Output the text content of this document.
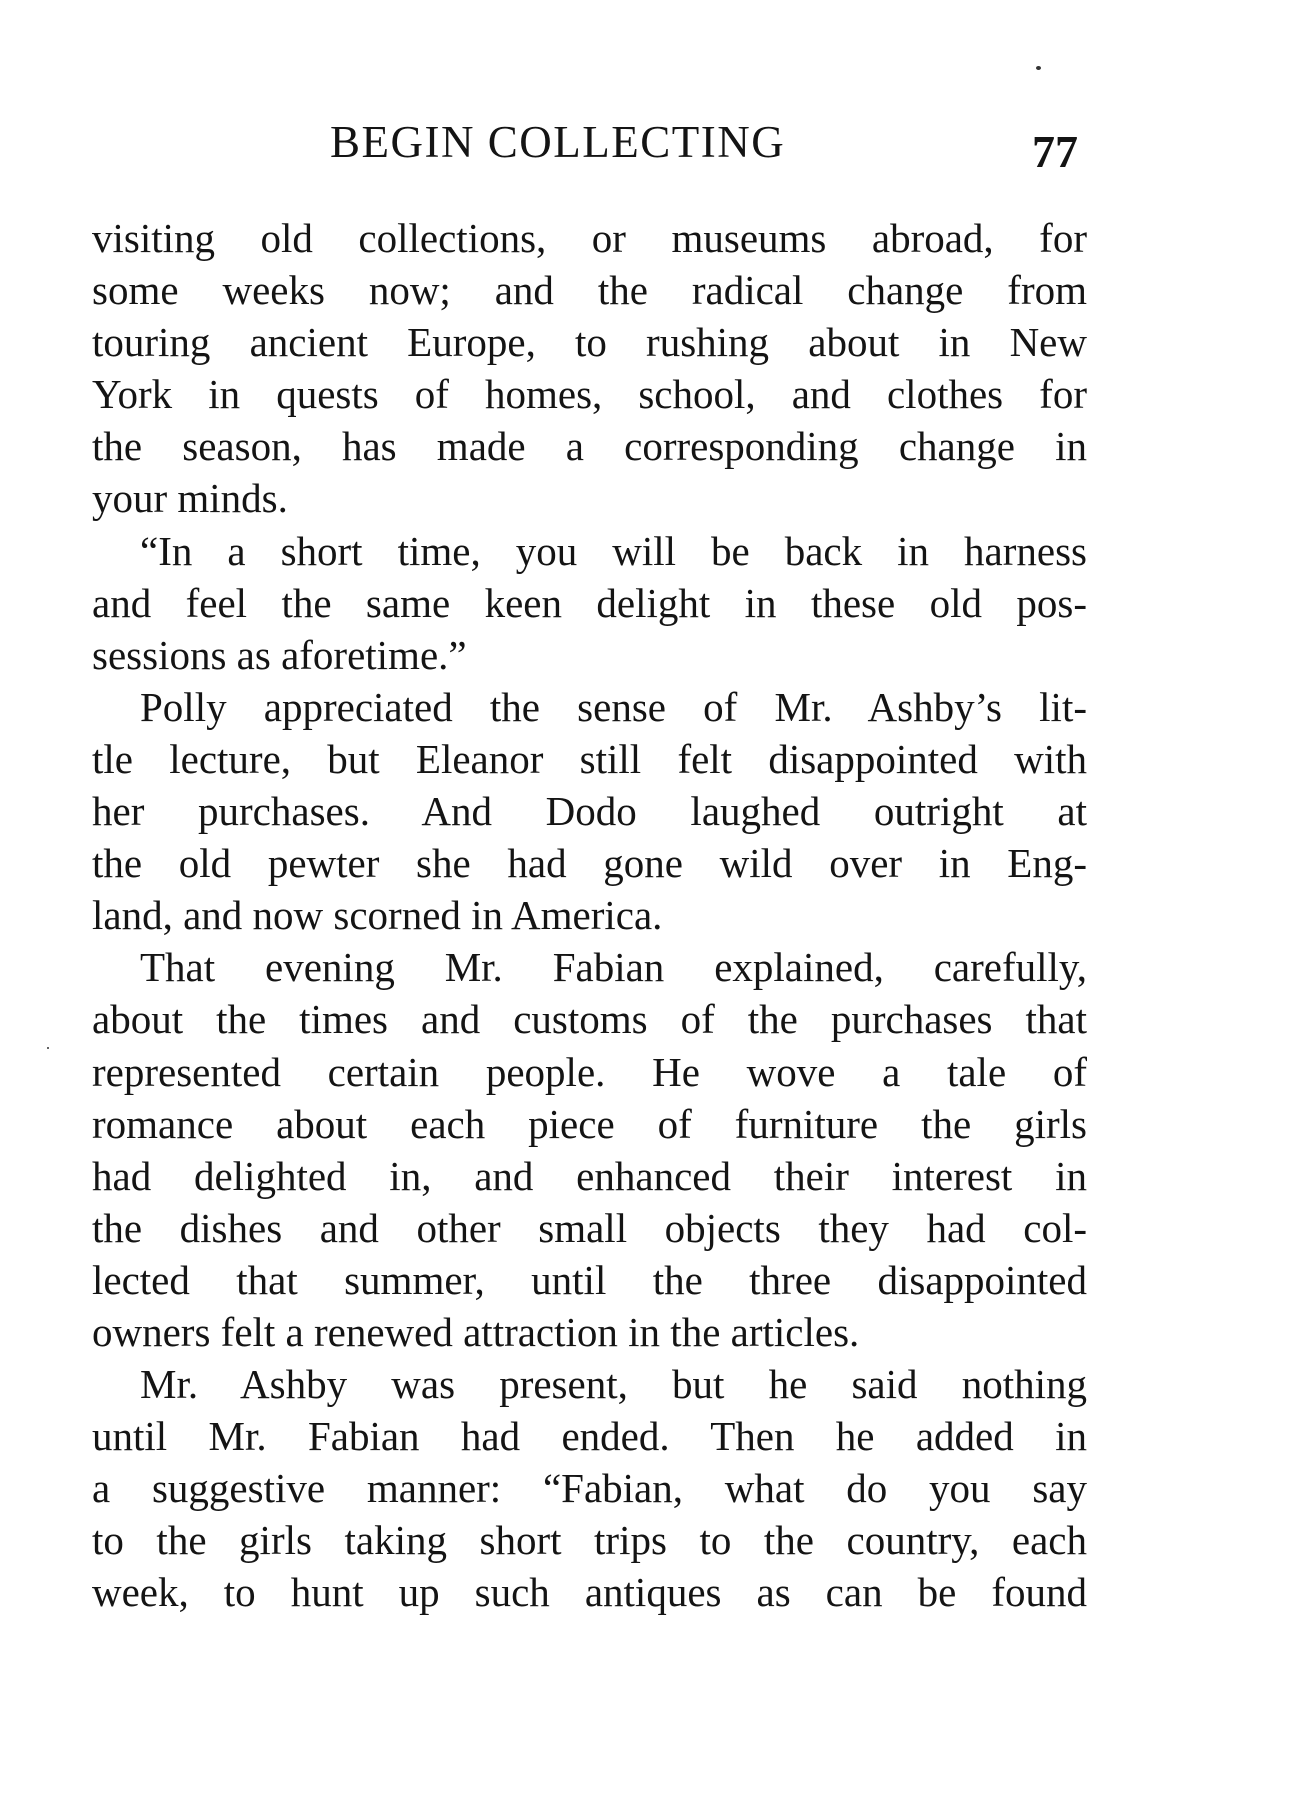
BEGIN COLLECTING	77
visiting old collections, or museums abroad, for
some weeks now; and the radical change from
touring ancient Europe, to rushing about in New
York in quests of homes, school, and clothes for
the season, has made a corresponding change in
your minds.
“In a short time, you will be back in harness
and feel the same keen delight in these old pos-
sessions as aforetime.”
Polly appreciated the sense of Mr. Ashby’s lit-
tle lecture, but Eleanor still felt disappointed with
her purchases. And Dodo laughed outright at
the old pewter she had gone wild over in Eng-
land, and now scorned in America.
That evening Mr. Fabian explained, carefully,
about the times and customs of the purchases that
represented certain people. He wove a tale of
romance about each piece of furniture the girls
had delighted in, and enhanced their interest in
the dishes and other small objects they had col-
lected that summer, until the three disappointed
owners felt a renewed attraction in the articles.
Mr. Ashby was present, but he said nothing
until Mr. Fabian had ended. Then he added in
a suggestive manner: “Fabian, what do you say
to the girls taking short trips to the country, each
week, to hunt up such antiques as can be found
